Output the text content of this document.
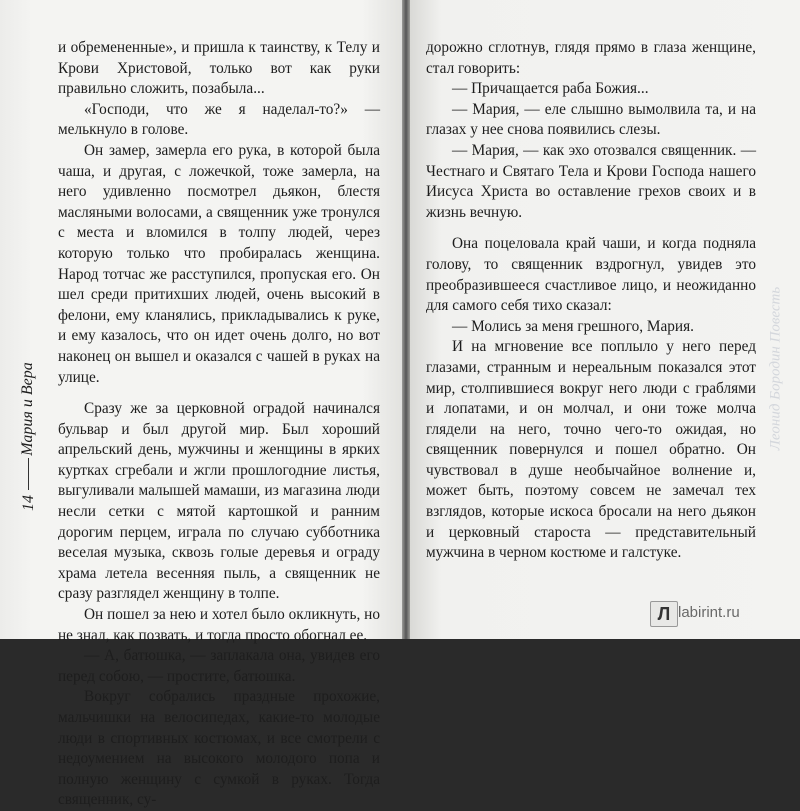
Мария и Вера
14

и обремененные», и пришла к таинству, к Телу и Крови Христовой, только вот как руки правильно сложить, позабыла...

«Господи, что же я наделал-то?» — мелькнуло в голове.

Он замер, замерла его рука, в которой была чаша, и другая, с ложечкой, тоже замерла, на него удивленно посмотрел дьякон, блестя масляными волосами, а священник уже тронулся с места и вломился в толпу людей, через которую только что пробиралась женщина. Народ тотчас же расступился, пропуская его. Он шел среди притихших людей, очень высокий в фелони, ему кланялись, прикладывались к руке, и ему казалось, что он идет очень долго, но вот наконец он вышел и оказался с чашей в руках на улице.

Сразу же за церковной оградой начинался бульвар и был другой мир. Был хороший апрельский день, мужчины и женщины в ярких куртках сгребали и жгли прошлогодние листья, выгуливали малышей мамаши, из магазина люди несли сетки с мятой картошкой и ранним дорогим перцем, играла по случаю субботника веселая музыка, сквозь голые деревья и ограду храма летела весенняя пыль, а священник не сразу разглядел женщину в толпе.

Он пошел за нею и хотел было окликнуть, но не знал, как позвать, и тогда просто обогнал ее.

— А, батюшка, — заплакала она, увидев его перед собою, — простите, батюшка.

Вокруг собрались праздные прохожие, мальчишки на велосипедах, какие-то молодые люди в спортивных костюмах, и все смотрели с недоумением на высокого молодого попа и полную женщину с сумкой в руках. Тогда священник, су-

Леонид Бородин Повесть

дорожно сглотнув, глядя прямо в глаза женщине, стал говорить:

— Причащается раба Божия...

— Мария, — еле слышно вымолвила та, и на глазах у нее снова появились слезы.

— Мария, — как эхо отозвался священник. — Честнаго и Святаго Тела и Крови Господа нашего Иисуса Христа во оставление грехов своих и в жизнь вечную.

Она поцеловала край чаши, и когда подняла голову, то священник вздрогнул, увидев это преобразившееся счастливое лицо, и неожиданно для самого себя тихо сказал:

— Молись за меня грешного, Мария.

И на мгновение все поплыло у него перед глазами, странным и нереальным показался этот мир, столпившиеся вокруг него люди с граблями и лопатами, и он молчал, и они тоже молча глядели на него, точно чего-то ожидая, но священник повернулся и пошел обратно. Он чувствовал в душе необычайное волнение и, может быть, поэтому совсем не замечал тех взглядов, которые искоса бросали на него дьякон и церковный староста — представительный мужчина в черном костюме и галстуке.

Л labirint.ru
